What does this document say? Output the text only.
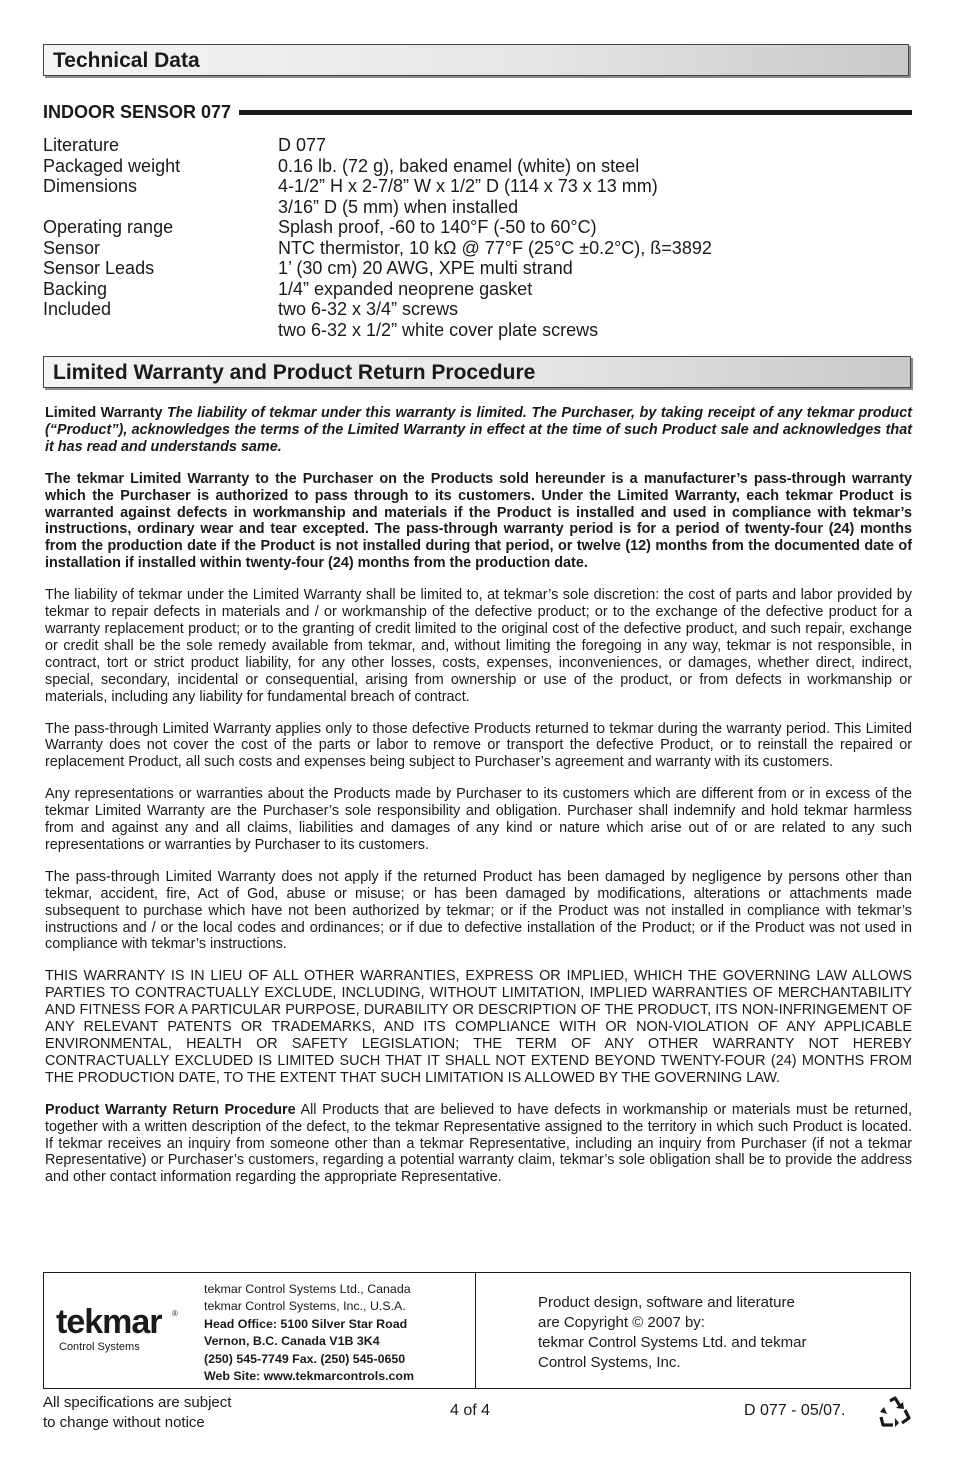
Technical Data
INDOOR SENSOR 077
Literature	D 077
Packaged weight	0.16 lb. (72 g), baked enamel (white) on steel
Dimensions	4-1/2” H x 2-7/8” W x 1/2” D (114 x 73 x 13 mm)
3/16” D (5 mm) when installed
Operating range	Splash proof, -60 to 140°F (-50 to 60°C)
Sensor	NTC thermistor, 10 kΩ @ 77°F (25°C ±0.2°C), ß=3892
Sensor Leads	1’ (30 cm) 20 AWG, XPE multi strand
Backing	1/4” expanded neoprene gasket
Included	two 6-32 x 3/4” screws
two 6-32 x 1/2” white cover plate screws
Limited Warranty and Product Return Procedure

Limited Warranty The liability of tekmar under this warranty is limited. The Purchaser, by taking receipt of any tekmar product (“Product”), acknowledges the terms of the Limited Warranty in effect at the time of such Product sale and acknowledges that it has read and understands same.

The tekmar Limited Warranty to the Purchaser on the Products sold hereunder is a manufacturer’s pass-through warranty which the Purchaser is authorized to pass through to its customers. Under the Limited Warranty, each tekmar Product is warranted against defects in workmanship and materials if the Product is installed and used in compliance with tekmar’s instructions, ordinary wear and tear excepted. The pass-through warranty period is for a period of twenty-four (24) months from the production date if the Product is not installed during that period, or twelve (12) months from the documented date of installation if installed within twenty-four (24) months from the production date.

The liability of tekmar under the Limited Warranty shall be limited to, at tekmar’s sole discretion: the cost of parts and labor provided by tekmar to repair defects in materials and / or workmanship of the defective product; or to the exchange of the defective product for a warranty replacement product; or to the granting of credit limited to the original cost of the defective product, and such repair, exchange or credit shall be the sole remedy available from tekmar, and, without limiting the foregoing in any way, tekmar is not responsible, in contract, tort or strict product liability, for any other losses, costs, expenses, inconveniences, or damages, whether direct, indirect, special, secondary, incidental or consequential, arising from ownership or use of the product, or from defects in workmanship or materials, including any liability for fundamental breach of contract.

The pass-through Limited Warranty applies only to those defective Products returned to tekmar during the warranty period. This Limited Warranty does not cover the cost of the parts or labor to remove or transport the defective Product, or to reinstall the repaired or replacement Product, all such costs and expenses being subject to Purchaser’s agreement and warranty with its customers.

Any representations or warranties about the Products made by Purchaser to its customers which are different from or in excess of the tekmar Limited Warranty are the Purchaser’s sole responsibility and obligation. Purchaser shall indemnify and hold tekmar harmless from and against any and all claims, liabilities and damages of any kind or nature which arise out of or are related to any such representations or warranties by Purchaser to its customers.

The pass-through Limited Warranty does not apply if the returned Product has been damaged by negligence by persons other than tekmar, accident, fire, Act of God, abuse or misuse; or has been damaged by modifications, alterations or attachments made subsequent to purchase which have not been authorized by tekmar; or if the Product was not installed in compliance with tekmar’s instructions and / or the local codes and ordinances; or if due to defective installation of the Product; or if the Product was not used in compliance with tekmar’s instructions.

THIS WARRANTY IS IN LIEU OF ALL OTHER WARRANTIES, EXPRESS OR IMPLIED, WHICH THE GOVERNING LAW ALLOWS PARTIES TO CONTRACTUALLY EXCLUDE, INCLUDING, WITHOUT LIMITATION, IMPLIED WARRANTIES OF MERCHANTABILITY AND FITNESS FOR A PARTICULAR PURPOSE, DURABILITY OR DESCRIPTION OF THE PRODUCT, ITS NON-INFRINGEMENT OF ANY RELEVANT PATENTS OR TRADEMARKS, AND ITS COMPLIANCE WITH OR NON-VIOLATION OF ANY APPLICABLE ENVIRONMENTAL, HEALTH OR SAFETY LEGISLATION; THE TERM OF ANY OTHER WARRANTY NOT HEREBY CONTRACTUALLY EXCLUDED IS LIMITED SUCH THAT IT SHALL NOT EXTEND BEYOND TWENTY-FOUR (24) MONTHS FROM THE PRODUCTION DATE, TO THE EXTENT THAT SUCH LIMITATION IS ALLOWED BY THE GOVERNING LAW.

Product Warranty Return Procedure All Products that are believed to have defects in workmanship or materials must be returned, together with a written description of the defect, to the tekmar Representative assigned to the territory in which such Product is located. If tekmar receives an inquiry from someone other than a tekmar Representative, including an inquiry from Purchaser (if not a tekmar Representative) or Purchaser’s customers, regarding a potential warranty claim, tekmar’s sole obligation shall be to provide the address and other contact information regarding the appropriate Representative.

tekmar ®
Control Systems
tekmar Control Systems Ltd., Canada
tekmar Control Systems, Inc., U.S.A.
Head Office: 5100 Silver Star Road
Vernon, B.C. Canada V1B 3K4
(250) 545-7749 Fax. (250) 545-0650
Web Site: www.tekmarcontrols.com
Product design, software and literature
are Copyright © 2007 by:
tekmar Control Systems Ltd. and tekmar
Control Systems, Inc.
All specifications are subject
to change without notice
4 of 4	D 077 - 05/07.
